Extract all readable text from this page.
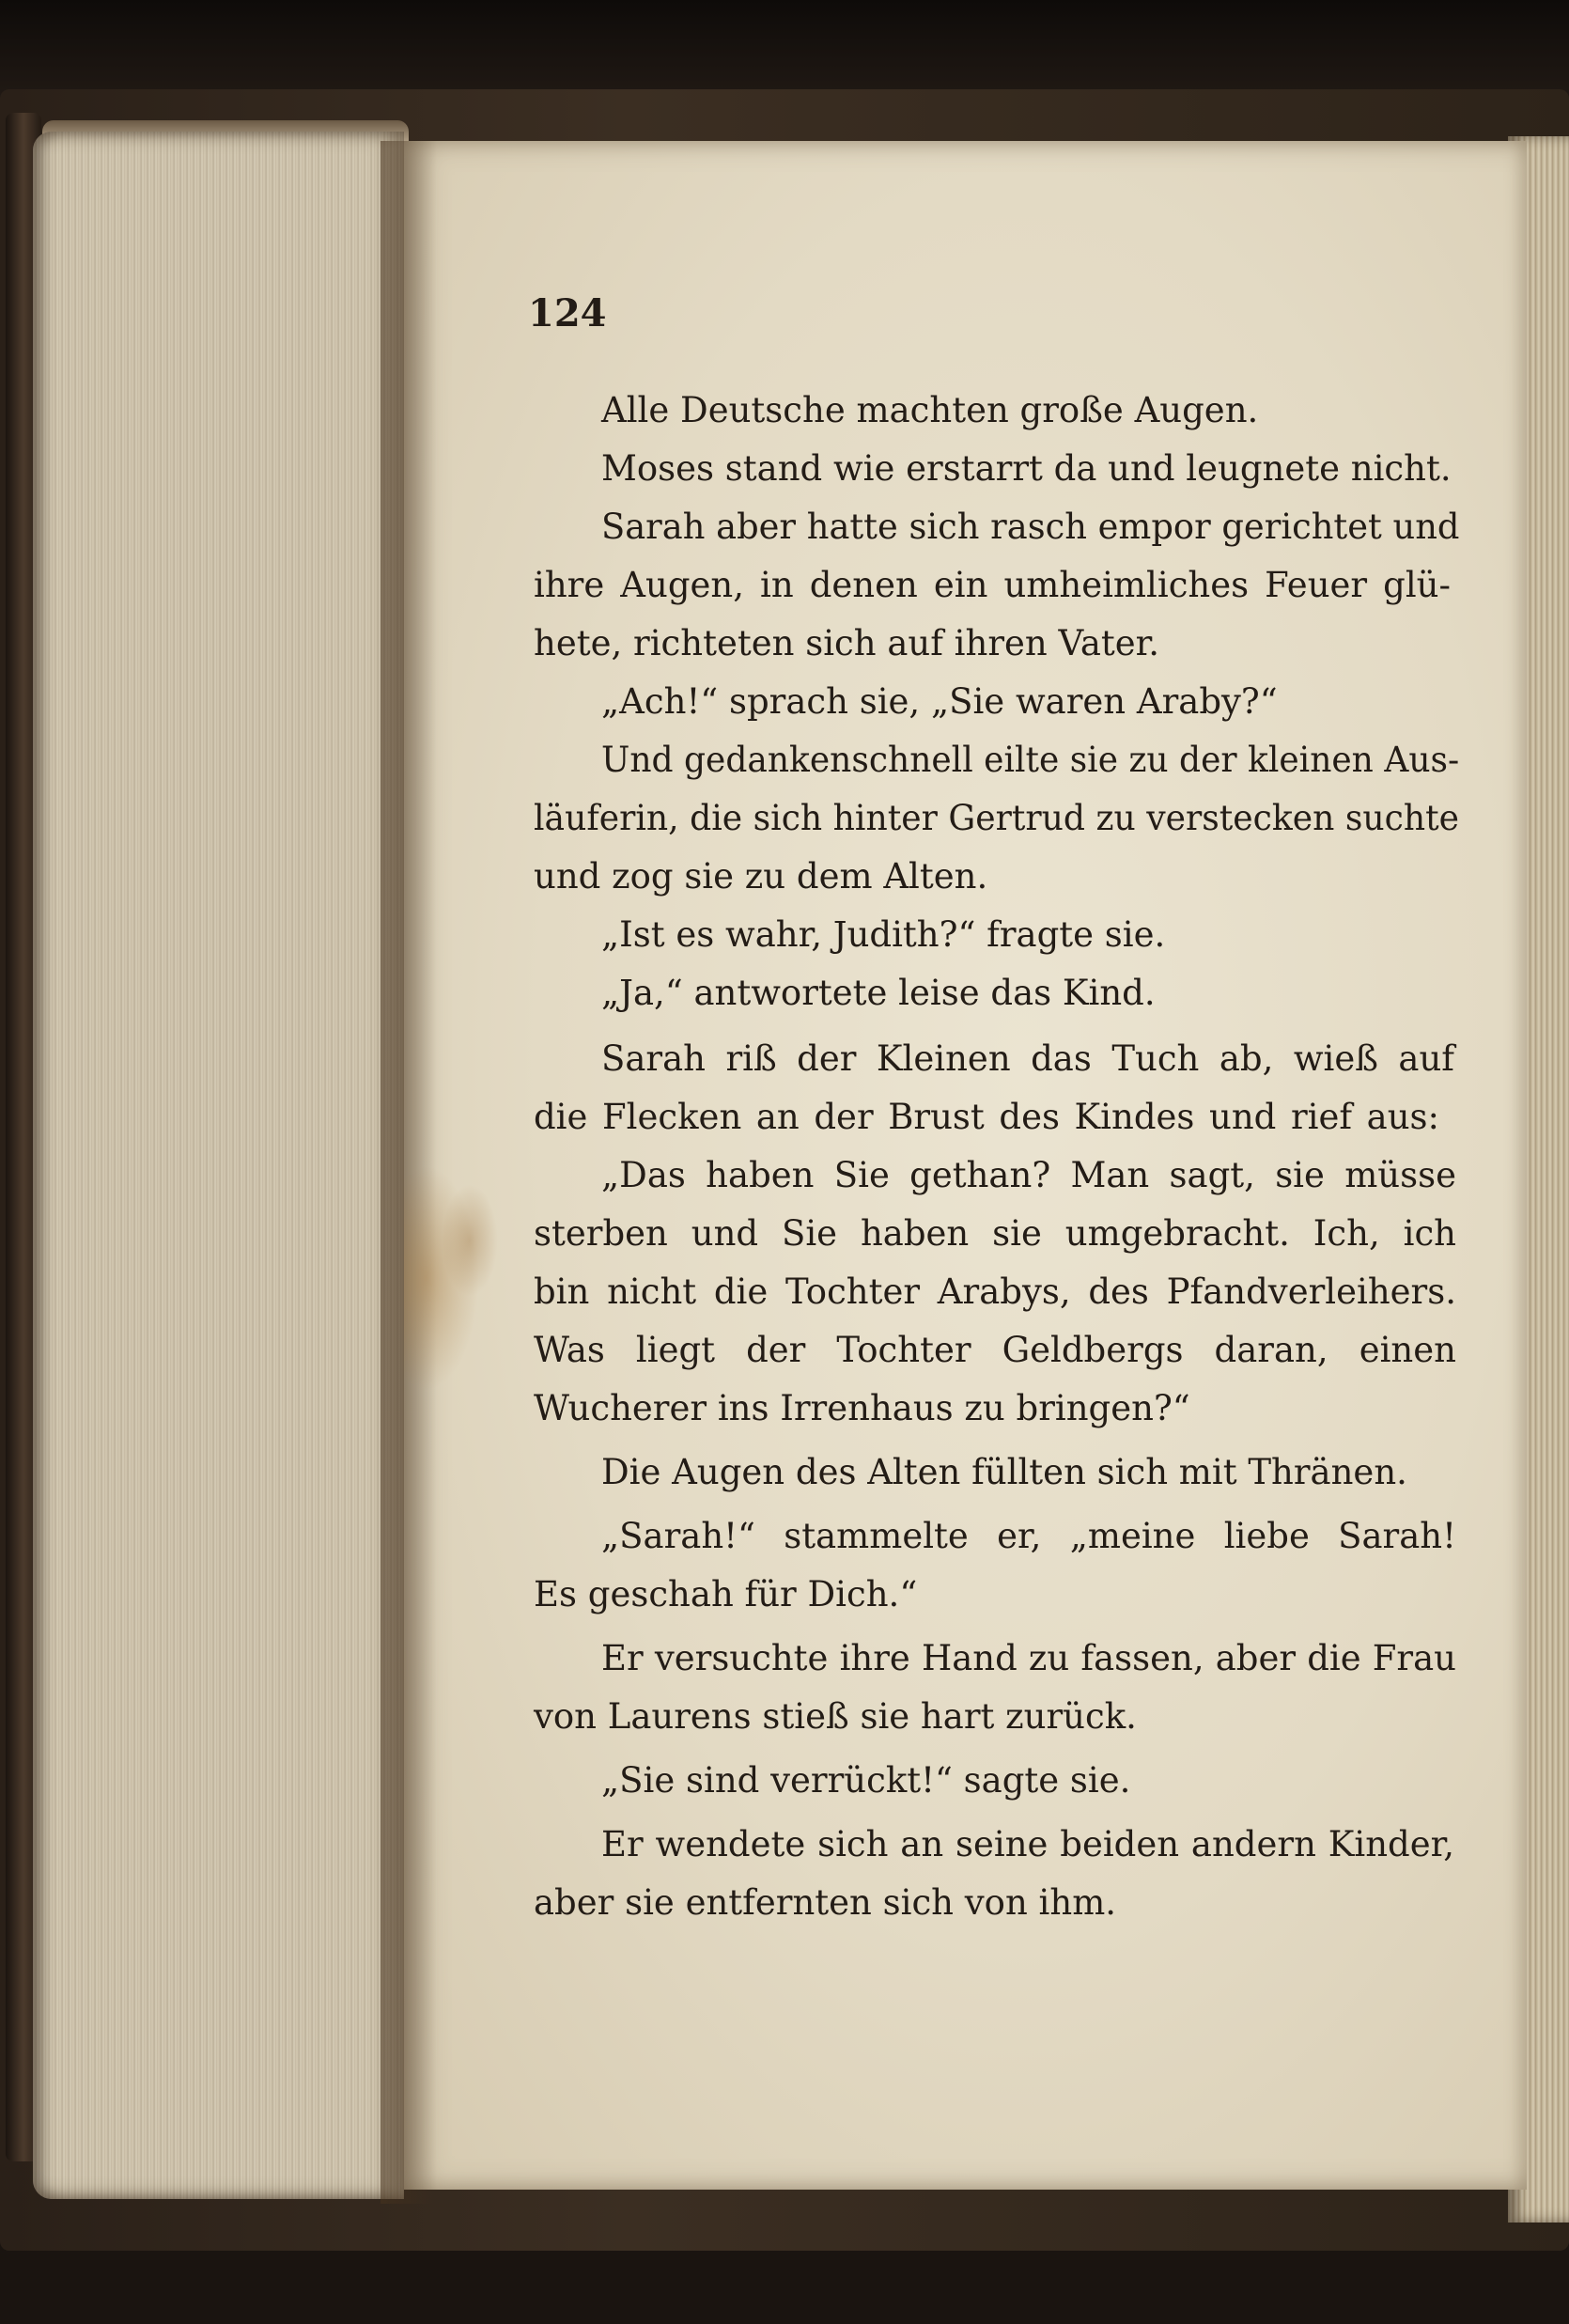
124
Alle Deutsche machten große Augen.
Moses stand wie erstarrt da und leugnete nicht.
Sarah aber hatte sich rasch empor gerichtet und
ihre Augen, in denen ein umheimliches Feuer glü-
hete, richteten sich auf ihren Vater.
„Ach!“ sprach sie, „Sie waren Araby?“
Und gedankenschnell eilte sie zu der kleinen Aus-
läuferin, die sich hinter Gertrud zu verstecken suchte
und zog sie zu dem Alten.
„Ist es wahr, Judith?“ fragte sie.
„Ja,“ antwortete leise das Kind.
Sarah riß der Kleinen das Tuch ab, wieß auf
die Flecken an der Brust des Kindes und rief aus:
„Das haben Sie gethan? Man sagt, sie müsse
sterben und Sie haben sie umgebracht. Ich, ich
bin nicht die Tochter Arabys, des Pfandverleihers.
Was liegt der Tochter Geldbergs daran, einen
Wucherer ins Irrenhaus zu bringen?“
Die Augen des Alten füllten sich mit Thränen.
„Sarah!“ stammelte er, „meine liebe Sarah!
Es geschah für Dich.“
Er versuchte ihre Hand zu fassen, aber die Frau
von Laurens stieß sie hart zurück.
„Sie sind verrückt!“ sagte sie.
Er wendete sich an seine beiden andern Kinder,
aber sie entfernten sich von ihm.
